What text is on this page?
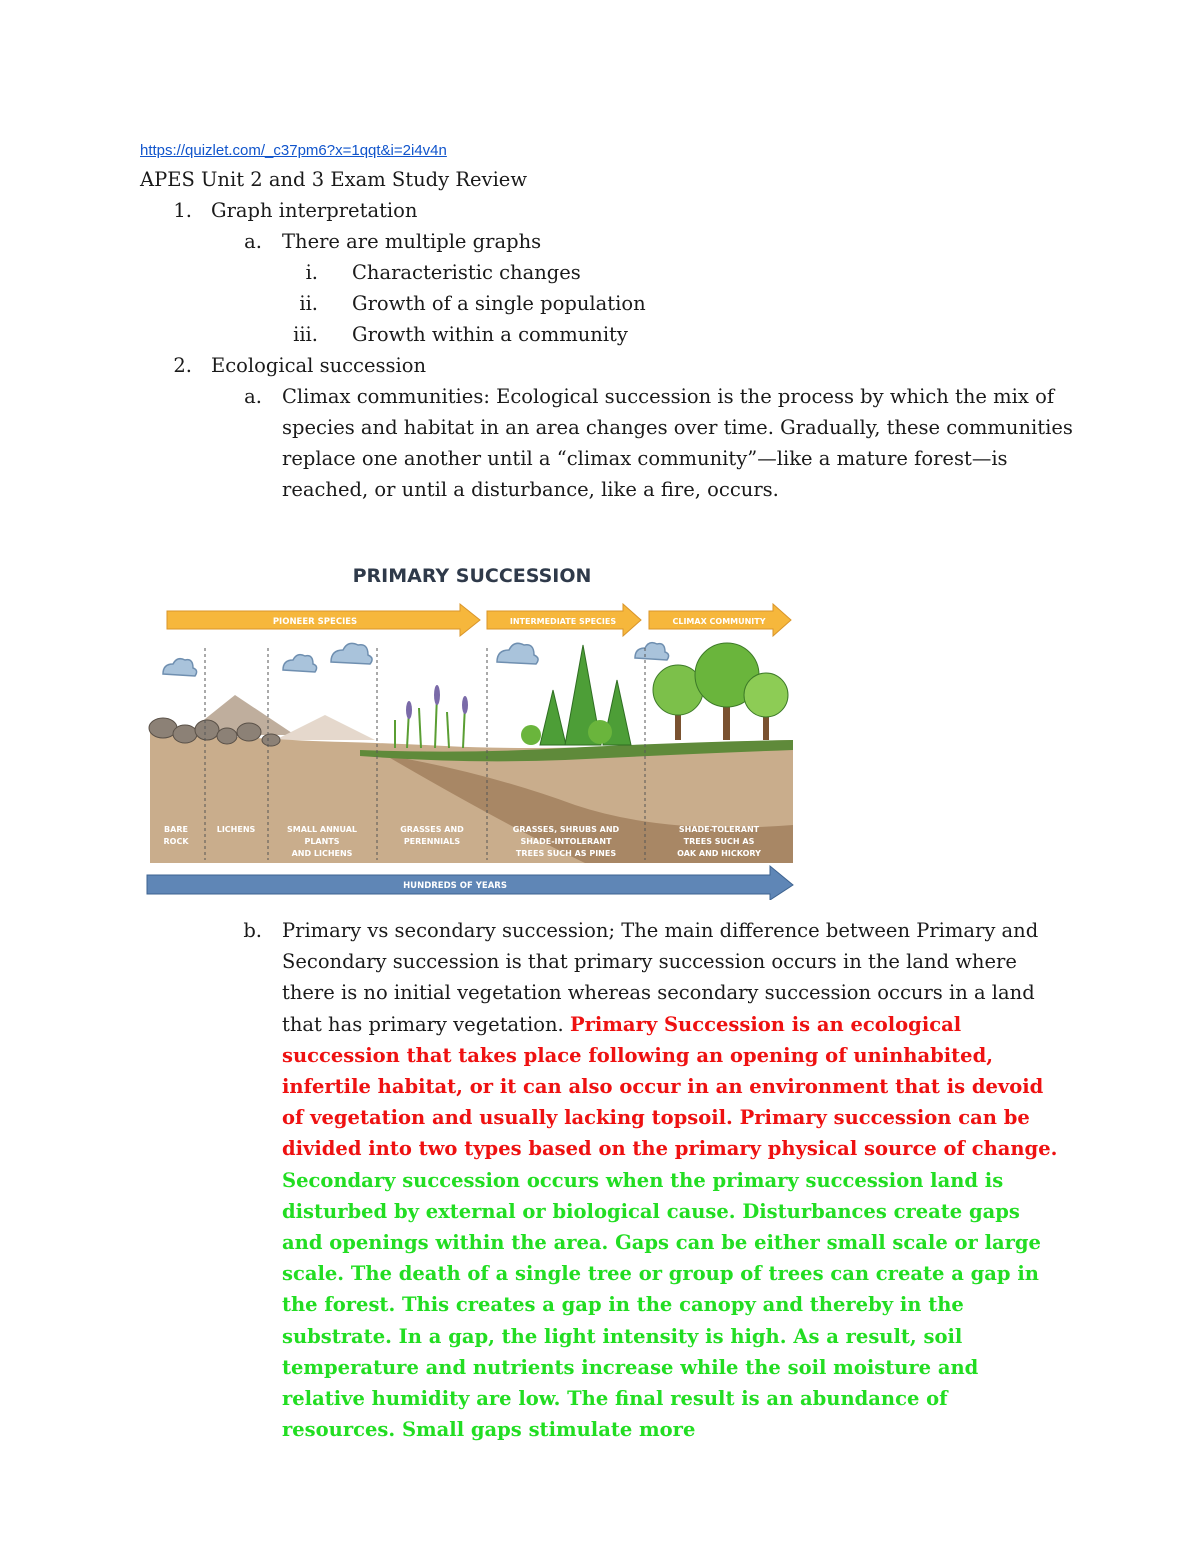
https://quizlet.com/_c37pm6?x=1qqt&i=2i4v4n
APES Unit 2 and 3 Exam Study Review
1. Graph interpretation
a. There are multiple graphs
i. Characteristic changes
ii. Growth of a single population
iii. Growth within a community
2. Ecological succession
a. Climax communities: Ecological succession is the process by which the mix of
species and habitat in an area changes over time. Gradually, these communities
replace one another until a “climax community”—like a mature forest—is
reached, or until a disturbance, like a fire, occurs.
PRIMARY SUCCESSION
PIONEER SPECIES	INTERMEDIATE SPECIES	CLIMAX COMMUNITY
BARE
ROCK
LICHENS	SMALL ANNUAL
PLANTS
AND LICHENS
GRASSES AND
PERENNIALS
GRASSES, SHRUBS AND
SHADE-INTOLERANT
TREES SUCH AS PINES
SHADE-TOLERANT
TREES SUCH AS
OAK AND HICKORY
HUNDREDS OF YEARS
b. Primary vs secondary succession; The main difference between Primary and Secondary succession is that primary succession occurs in the land where there is no initial vegetation whereas secondary succession occurs in a land that has primary vegetation. Primary Succession is an ecological succession that takes place following an opening of uninhabited, infertile habitat, or it can also occur in an environment that is devoid of vegetation and usually lacking topsoil. Primary succession can be divided into two types based on the primary physical source of change. Secondary succession occurs when the primary succession land is disturbed by external or biological cause. Disturbances create gaps and openings within the area. Gaps can be either small scale or large scale. The death of a single tree or group of trees can create a gap in the forest. This creates a gap in the canopy and thereby in the substrate. In a gap, the light intensity is high. As a result, soil temperature and nutrients increase while the soil moisture and relative humidity are low. The final result is an abundance of resources. Small gaps stimulate more
